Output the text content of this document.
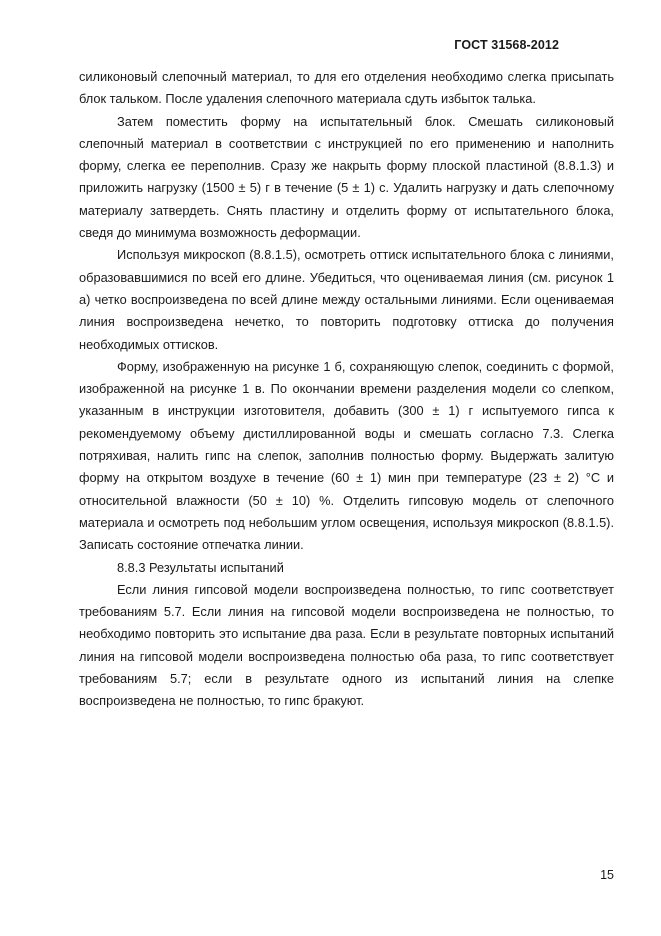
ГОСТ 31568-2012

силиконовый слепочный материал, то для его отделения необходимо слегка присыпать блок тальком. После удаления слепочного материала сдуть избыток талька.

Затем поместить форму на испытательный блок. Смешать силиконовый слепочный материал в соответствии с инструкцией по его применению и наполнить форму, слегка ее переполнив. Сразу же накрыть форму плоской пластиной (8.8.1.3) и приложить нагрузку (1500 ± 5) г в течение (5 ± 1) с. Удалить нагрузку и дать слепочному материалу затвердеть. Снять пластину и отделить форму от испытательного блока, сведя до минимума возможность деформации.

Используя микроскоп (8.8.1.5), осмотреть оттиск испытательного блока с линиями, образовавшимися по всей его длине. Убедиться, что оцениваемая линия (см. рисунок 1 а) четко воспроизведена по всей длине между остальными линиями. Если оцениваемая линия воспроизведена нечетко, то повторить подготовку оттиска до получения необходимых оттисков.

Форму, изображенную на рисунке 1 б, сохраняющую слепок, соединить с формой, изображенной на рисунке 1 в. По окончании времени разделения модели со слепком, указанным в инструкции изготовителя, добавить (300 ± 1) г испытуемого гипса к рекомендуемому объему дистиллированной воды и смешать согласно 7.3. Слегка потряхивая, налить гипс на слепок, заполнив полностью форму. Выдержать залитую форму на открытом воздухе в течение (60 ± 1) мин при температуре (23 ± 2) °С и относительной влажности (50 ± 10) %. Отделить гипсовую модель от слепочного материала и осмотреть под небольшим углом освещения, используя микроскоп (8.8.1.5). Записать состояние отпечатка линии.

8.8.3 Результаты испытаний

Если линия гипсовой модели воспроизведена полностью, то гипс соответствует требованиям 5.7. Если линия на гипсовой модели воспроизведена не полностью, то необходимо повторить это испытание два раза. Если в результате повторных испытаний линия на гипсовой модели воспроизведена полностью оба раза, то гипс соответствует требованиям 5.7; если в результате одного из испытаний линия на слепке воспроизведена не полностью, то гипс бракуют.

15
